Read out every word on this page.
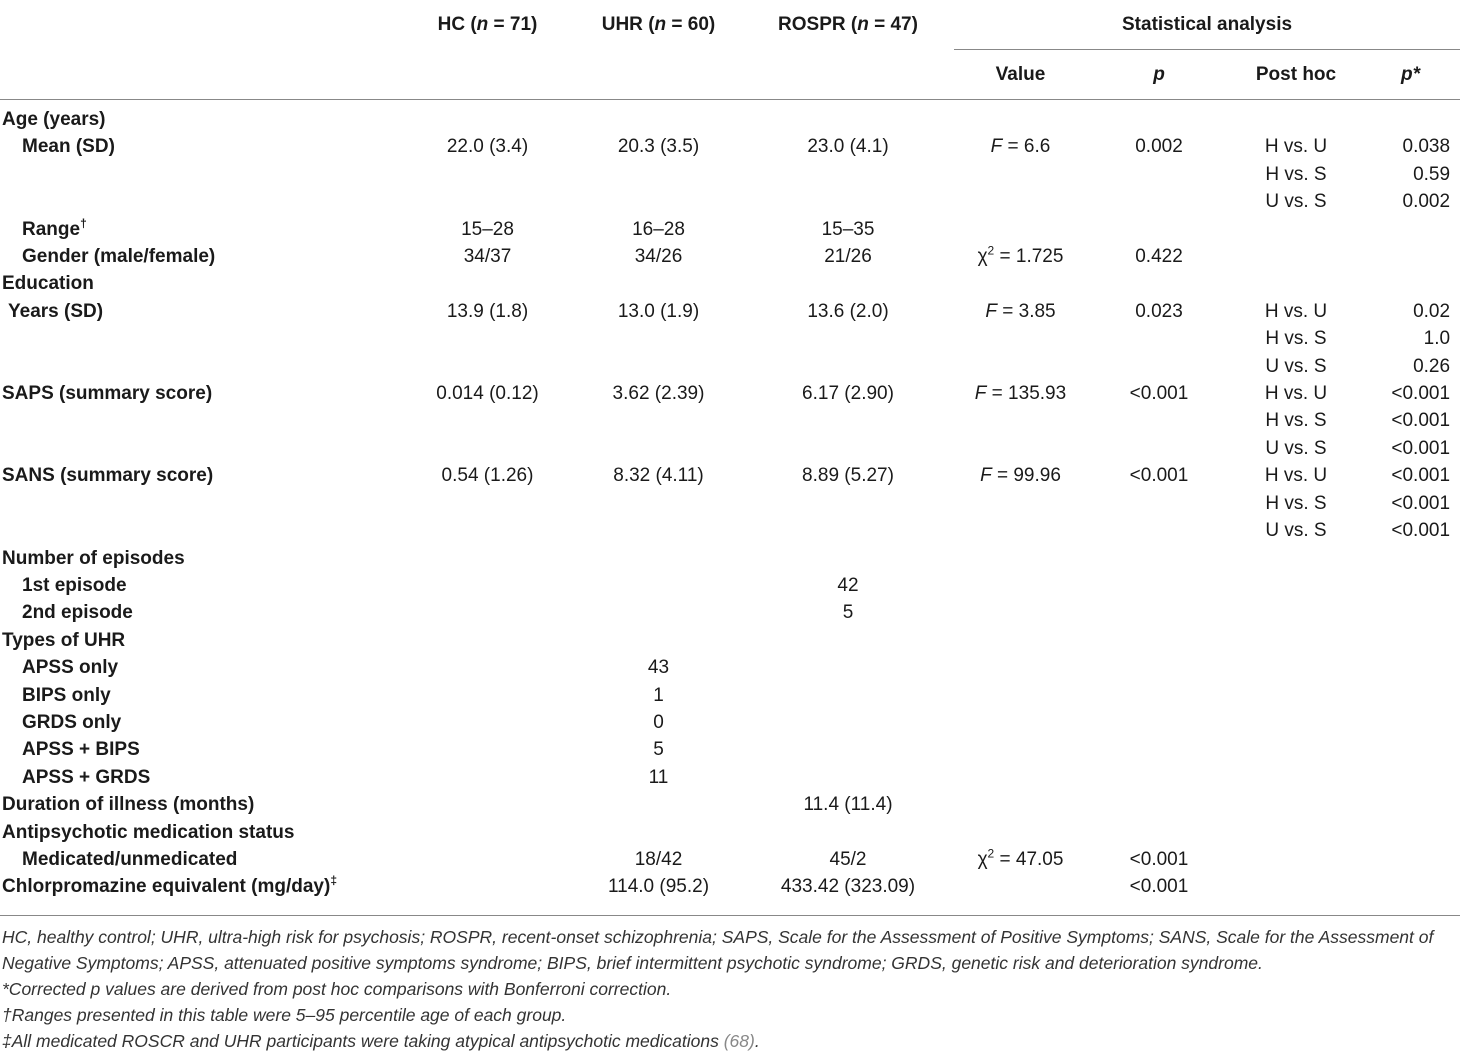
	HC (n = 71)	UHR (n = 60)	ROSPR (n = 47)	Statistical analysis			
				Value	p	Post hoc	p*
Age (years)							
Mean (SD)	22.0 (3.4)	20.3 (3.5)	23.0 (4.1)	F = 6.6	0.002	H vs. U	0.038
						H vs. S	0.59
						U vs. S	0.002
Range†	15–28	16–28	15–35				
Gender (male/female)	34/37	34/26	21/26	$\chi^2 = 1.725$	0.422		
Education							
Years (SD)	13.9 (1.8)	13.0 (1.9)	13.6 (2.0)	F = 3.85	0.023	H vs. U	0.02
						H vs. S	1.0
						U vs. S	0.26
SAPS (summary score)	0.014 (0.12)	3.62 (2.39)	6.17 (2.90)	F = 135.93	<0.001	H vs. U	<0.001
						H vs. S	<0.001
						U vs. S	<0.001
SANS (summary score)	0.54 (1.26)	8.32 (4.11)	8.89 (5.27)	F = 99.96	<0.001	H vs. U	<0.001
						H vs. S	<0.001
						U vs. S	<0.001
Number of episodes							
1st episode			42				
2nd episode			5				
Types of UHR							
APSS only		43					
BIPS only		1					
GRDS only		0					
APSS + BIPS		5					
APSS + GRDS		11					
Duration of illness (months)			11.4 (11.4)				
Antipsychotic medication status							
Medicated/unmedicated		18/42	45/2	$\chi^2 = 47.05$	<0.001		
Chlorpromazine equivalent (mg/day)‡		114.0 (95.2)	433.42 (323.09)		<0.001		

HC, healthy control; UHR, ultra-high risk for psychosis; ROSPR, recent-onset schizophrenia; SAPS, Scale for the Assessment of Positive Symptoms; SANS, Scale for the Assessment of Negative Symptoms; APSS, attenuated positive symptoms syndrome; BIPS, brief intermittent psychotic syndrome; GRDS, genetic risk and deterioration syndrome.

*Corrected p values are derived from post hoc comparisons with Bonferroni correction.

†Ranges presented in this table were 5–95 percentile age of each group.

‡All medicated ROSCR and UHR participants were taking atypical antipsychotic medications (68).
